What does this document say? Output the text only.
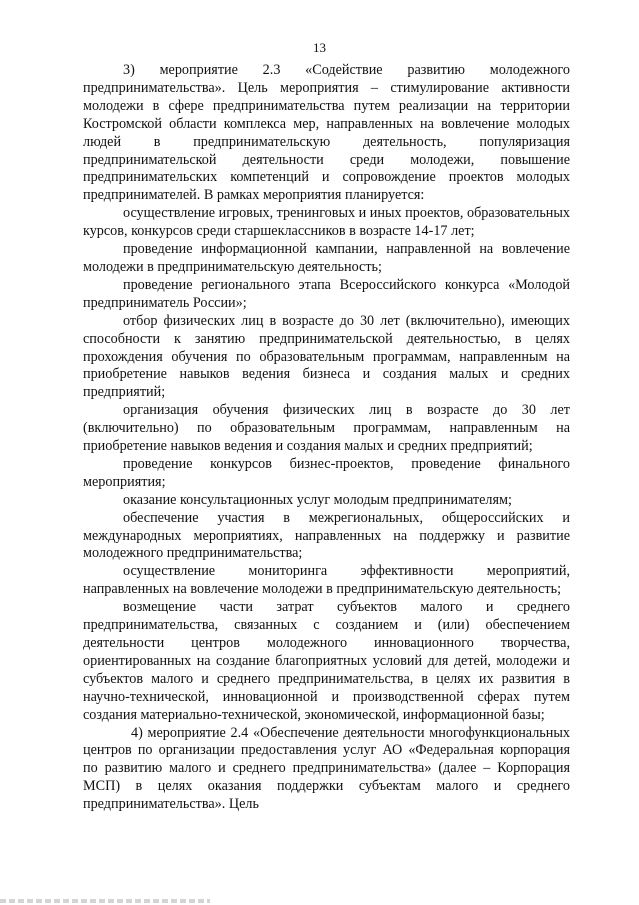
13

3) мероприятие 2.3 «Содействие развитию молодежного предпринимательства». Цель мероприятия – стимулирование активности молодежи в сфере предпринимательства путем реализации на территории Костромской области комплекса мер, направленных на вовлечение молодых людей в предпринимательскую деятельность, популяризация предпринимательской деятельности среди молодежи, повышение предпринимательских компетенций и сопровождение проектов молодых предпринимателей. В рамках мероприятия планируется:

осуществление игровых, тренинговых и иных проектов, образовательных курсов, конкурсов среди старшеклассников в возрасте 14-17 лет;

проведение информационной кампании, направленной на вовлечение молодежи в предпринимательскую деятельность;

проведение регионального этапа Всероссийского конкурса «Молодой предприниматель России»;

отбор физических лиц в возрасте до 30 лет (включительно), имеющих способности к занятию предпринимательской деятельностью, в целях прохождения обучения по образовательным программам, направленным на приобретение навыков ведения бизнеса и создания малых и средних предприятий;

организация обучения физических лиц в возрасте до 30 лет (включительно) по образовательным программам, направленным на приобретение навыков ведения и создания малых и средних предприятий;

проведение конкурсов бизнес-проектов, проведение финального мероприятия;

оказание консультационных услуг молодым предпринимателям;

обеспечение участия в межрегиональных, общероссийских и международных мероприятиях, направленных на поддержку и развитие молодежного предпринимательства;

осуществление мониторинга эффективности мероприятий, направленных на вовлечение молодежи в предпринимательскую деятельность;

возмещение части затрат субъектов малого и среднего предпринимательства, связанных с созданием и (или) обеспечением деятельности центров молодежного инновационного творчества, ориентированных на создание благоприятных условий для детей, молодежи и субъектов малого и среднего предпринимательства, в целях их развития в научно-технической, инновационной и производственной сферах путем создания материально-технической, экономической, информационной базы;

4) мероприятие 2.4 «Обеспечение деятельности многофункциональных центров по организации предоставления услуг АО «Федеральная корпорация по развитию малого и среднего предпринимательства» (далее – Корпорация МСП) в целях оказания поддержки субъектам малого и среднего предпринимательства». Цель
